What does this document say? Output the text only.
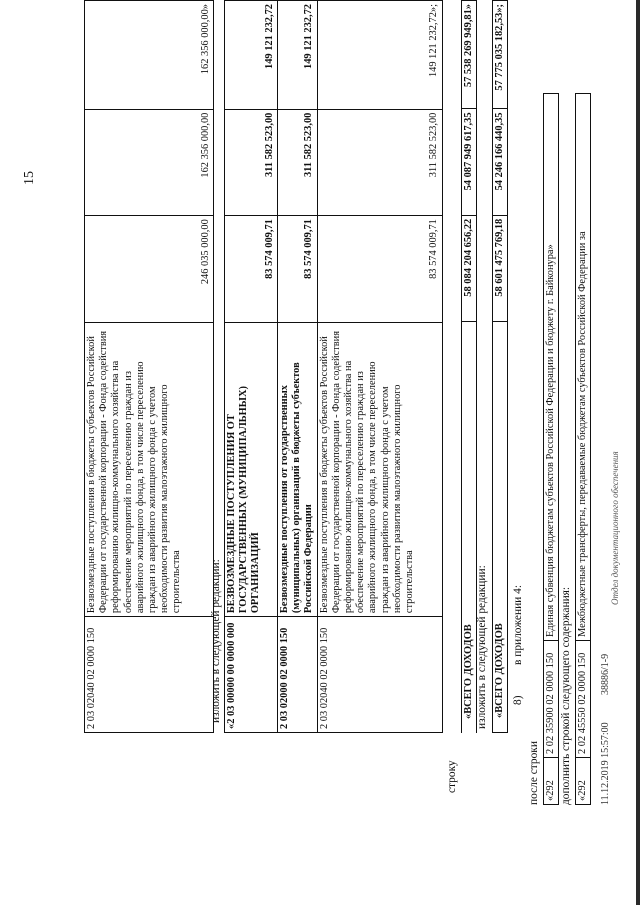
2 03 02040 02 0000 150	Безвозмездные поступления в бюджеты субъектов Российской Федерации от государственной корпорации - Фонда содействия реформированию жилищно-коммунального хозяйства на обеспечение мероприятий по переселению граждан из аварийного жилищного фонда, в том числе переселению граждан из аварийного жилищного фонда с учетом необходимости развития малоэтажного жилищного строительства	246 035 000,00	162 356 000,00	162 356 000,00»
изложить в следующей редакции: «2 03 00000 00 0000 000	БЕЗВОЗМЕЗДНЫЕ ПОСТУПЛЕНИЯ ОТ ГОСУДАРСТВЕННЫХ (МУНИЦИПАЛЬНЫХ) ОРГАНИЗАЦИЙ	83 574 009,71	311 582 523,00	149 121 232,72
2 03 02000 02 0000 150	Безвозмездные поступления от государственных (муниципальных) организаций в бюджеты субъектов Российской Федерации	83 574 009,71	311 582 523,00	149 121 232,72
2 03 02040 02 0000 150	Безвозмездные поступления в бюджеты субъектов Российской Федерации от государственной корпорации - Фонда содействия реформированию жилищно-коммунального хозяйства на обеспечение мероприятий по переселению граждан из аварийного жилищного фонда, в том числе переселению граждан из аварийного жилищного фонда с учетом необходимости развития малоэтажного жилищного строительства	83 574 009,71	311 582 523,00	149 121 232,72»;
строку
«ВСЕГО ДОХОДОВ	58 084 204 656,22	54 087 949 617,35	57 538 269 949,81»
изложить в следующей редакции: «ВСЕГО ДОХОДОВ	58 601 475 769,18	54 246 166 440,35	57 775 035 182,53»;
8)
в приложении 4:
после строки «292	2 02 35900 02 0000 150	Единая субвенция бюджетам субъектов Российской Федерации и бюджету г. Байконура»
дополнить строкой следующего содержания: «292	2 02 45550 02 0000 150	Межбюджетные трансферты, передаваемые бюджетам субъектов Российской Федерации за
11.12.2019 15:57:00
38886/1-9
Отдел документационного обеспечения
15
